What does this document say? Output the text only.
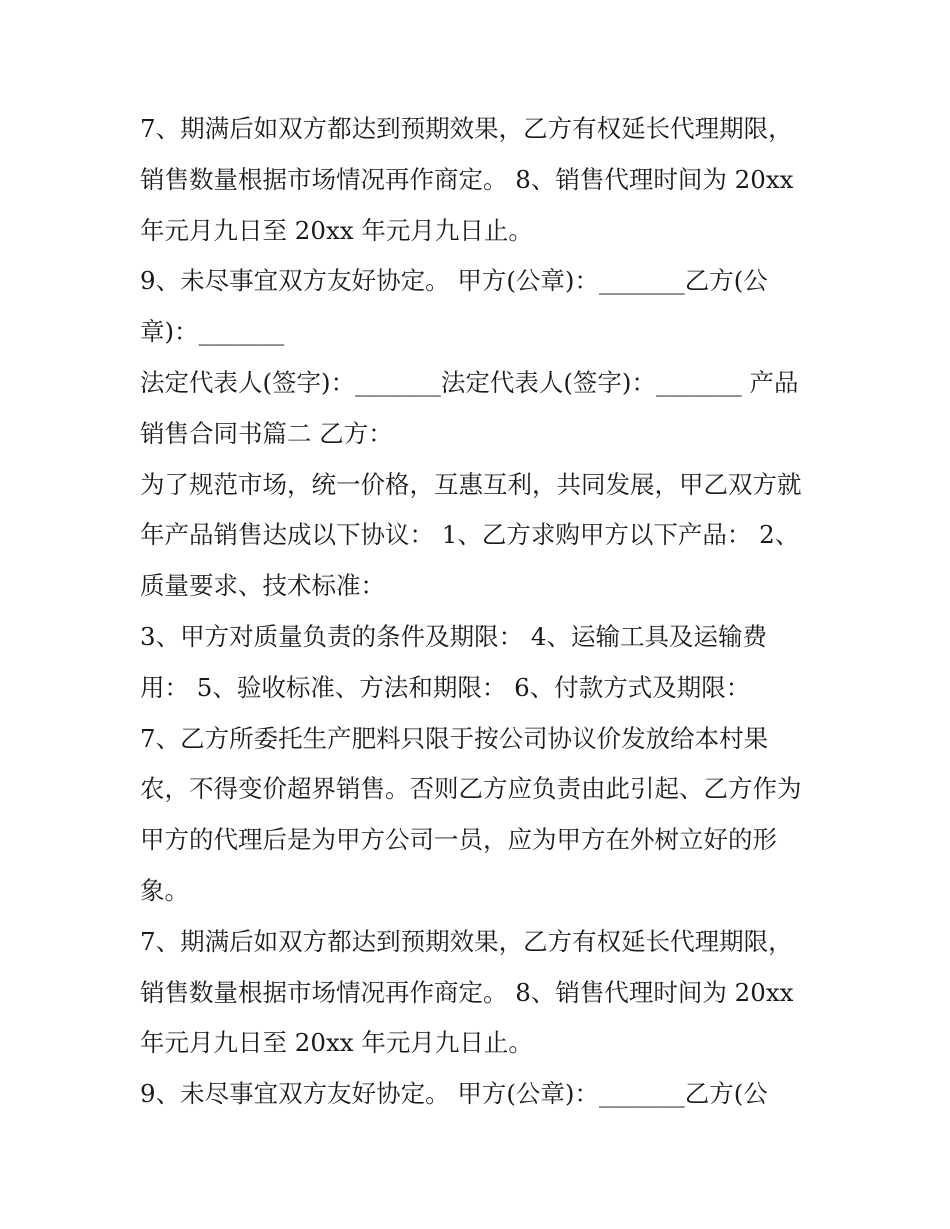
7、期满后如双方都达到预期效果，乙方有权延长代理期限，
销售数量根据市场情况再作商定。 8、销售代理时间为 20xx
年元月九日至 20xx 年元月九日止。
9、未尽事宜双方友好协定。 甲方(公章)：_______乙方(公
章)：_______
法定代表人(签字)：_______法定代表人(签字)：_______ 产品
销售合同书篇二 乙方：
为了规范市场，统一价格，互惠互利，共同发展，甲乙双方就
年产品销售达成以下协议： 1、乙方求购甲方以下产品： 2、
质量要求、技术标准：
3、甲方对质量负责的条件及期限： 4、运输工具及运输费
用： 5、验收标准、方法和期限： 6、付款方式及期限：
7、乙方所委托生产肥料只限于按公司协议价发放给本村果
农，不得变价超界销售。否则乙方应负责由此引起、乙方作为
甲方的代理后是为甲方公司一员，应为甲方在外树立好的形
象。
7、期满后如双方都达到预期效果，乙方有权延长代理期限，
销售数量根据市场情况再作商定。 8、销售代理时间为 20xx
年元月九日至 20xx 年元月九日止。
9、未尽事宜双方友好协定。 甲方(公章)：_______乙方(公
